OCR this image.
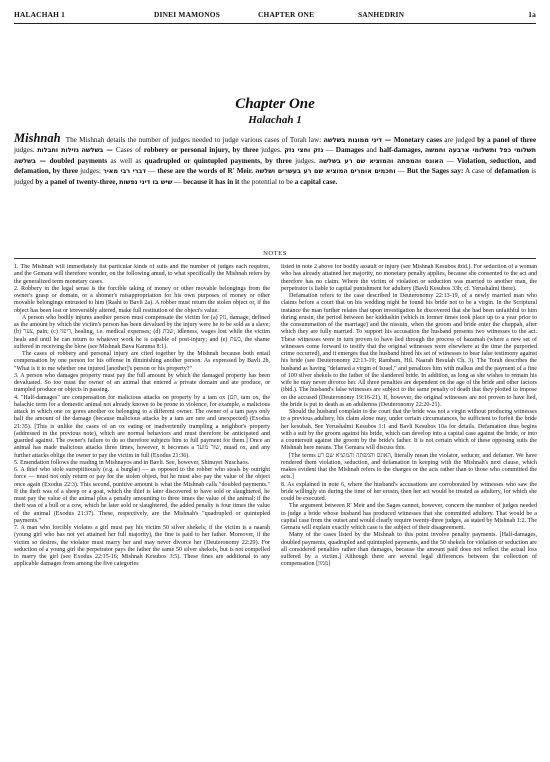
HALACHAH 1	DINEI MAMONOS	CHAPTER ONE	SANHEDRIN	1a
Chapter One
Halachah 1
Mishnah The Mishnah details the number of judges needed to judge various cases of Torah law: דיני ממונות בשלשה — Monetary cases are judged by a panel of three judges. גזילות וחבלות בשלשה — Cases of robbery or personal injury, by three judges. נזק וחצי נזק — Damages and half-damages, תשלומי כפל ותשלומי ארבעה וחמשה בשלשה — doubled payments as well as quadrupled or quintupled payments, by three judges. האונס והמפתה והמוציא שם רע בשלשה — Violation, seduction, and defamation, by three judges; דברי רבי מאיר — these are the words of R' Meir. וחכמים אומרים המוציא שם רע בעשרים ושלשה — But the Sages say: A case of defamation is judged by a panel of twenty-three, שיש בו דיני נפשות — because it has in it the potential to be a capital case.
NOTES

1. The Mishnah will immediately list particular kinds of suits and the number of judges each requires, and the Gemara will therefore wonder, on the following amud, to what specifically the Mishnah refers by the generalized term monetary cases.

2. Robbery in the legal sense is the forcible taking of money or other movable belongings from the owner's grasp or domain, or a shomer's misappropriation for his own purposes of money or other movable belongings entrusted to him (Rashi to Bavli 2a). A robber must return the stolen object or, if the object has been lost or irreversibly altered, make full restitution of the object's value.

A person who bodily injures another person must compensate the victim for (a) נזק, damage, defined as the amount by which the victim's person has been devalued by the injury were he to be sold as a slave; (b) צער, pain; (c) ריפוי, healing, i.e. medical expenses; (d) שבת, idleness, wages lost while the victim heals and until he can return to whatever work he is capable of post-injury; and (e) בשת, the shame suffered in receiving the blow (see Mishnah Bava Kamma 8:1).

The cases of robbery and personal injury are cited together by the Mishnah because both entail compensation by one person for his offense in diminishing another person. As expressed by Bavli 2b, "What is it to me whether one injured [another]'s person or his property?"

3. A person who damages property must pay the full amount by which the damaged property has been devaluated. So too must the owner of an animal that entered a private domain and ate produce, or trampled produce or objects in passing.

4. "Half-damages" are compensation for malicious attacks on property by a tam ox (תם, tam ox, the halachic term for a domestic animal not already known to be prone to violence, for example, a malicious attack in which one ox gores another ox belonging to a different owner. The owner of a tam pays only half the amount of the damage (because malicious attacks by a tam are rare and unexpected) (Exodus 21:35). [This is unlike the cases of an ox eating or inadvertently trampling a neighbor's property (addressed in the previous note), which are normal behaviors and must therefore be anticipated and guarded against. The owner's failure to do so therefore subjects him to full payment for them.] Once an animal has made malicious attacks three times, however, it becomes a שור מועד, muad ox, and any further attacks oblige the owner to pay the victim in full (Exodus 21:36).

5. Emendation follows the reading in Mishnayos and in Bavli. See, however, Shinuyei Nuschaos.

6. A thief who stole surreptitiously (e.g. a burglar) — as opposed to the robber who steals by outright force — must not only return or pay for the stolen object, but he must also pay the value of the object once again (Exodus 22:3). This second, punitive amount is what the Mishnah calls "doubled payments." If the theft was of a sheep or a goat, which the thief is later discovered to have sold or slaughtered, he must pay the value of the animal plus a penalty amounting to three times the value of the animal; if the theft was of a bull or a cow, which he later sold or slaughtered, the added penalty is four times the value of the animal (Exodus 21:37). These, respectively, are the Mishnah's "quadrupled or quintupled payments."

7. A man who forcibly violates a girl must pay his victim 50 silver shekels; if the victim is a naarah (young girl who has not yet attained her full majority), the fine is paid to her father. Moreover, if the victim so desires, the violator must marry her and may never divorce her (Deuteronomy 22:29). For seduction of a young girl the perpetrator pays the father the same 50 silver shekels, but is not compelled to marry the girl (see Exodus 22:15-16; Mishnah Kesubos 3:5). These fines are additional to any applicable damages from among the five categories

listed in note 2 above for bodily assault or injury (see Mishnah Kesubos ibid.). For seduction of a woman who has already attained her majority, no monetary penalty applies, because she consented to the act and therefore has no claim. Where the victim of violation or seduction was married to another man, the perpetrator is liable to capital punishment for adultery (Bavli Kesubos 33b; cf. Yerushalmi there).

Defamation refers to the case described in Deuteronomy 22:13-19, of a newly married man who claims before a court that on his wedding night he found his bride not to be a virgin. In the Scriptural instance the man further relates that upon investigation he discovered that she had been unfaithful to him during erusin, the period between her kiddushin (which in former times took place up to a year prior to the consummation of the marriage) and the nissuin, when the groom and bride enter the chuppah, after which they are fully married. To support his accusation the husband presents two witnesses to the act. These witnesses were in turn proven to have lied through the process of hazamah (where a new set of witnesses come forward to testify that the original witnesses were elsewhere at the time the purported crime occurred), and it emerges that the husband hired his set of witnesses to bear false testimony against his bride (see Deuteronomy 22:13-19; Rambam, Hil. Naarah Besulah Ch. 3). The Torah describes the husband as having "defamed a virgin of Israel," and penalizes him with malkus and the payment of a fine of 100 silver shekels to the father of the slandered bride. In addition, as long as she wishes to remain his wife he may never divorce her. All three penalties are dependent on the age of the bride and other factors (ibid.). The husband's false witnesses are subject to the same penalty of death that they plotted to impose on the accused (Deuteronomy 19:16-21). If, however, the original witnesses are not proven to have lied, the bride is put to death as an adulteress (Deuteronomy 22:20-21).

Should the husband complain to the court that the bride was not a virgin without producing witnesses to a previous adultery, his claim alone may, under certain circumstances, be sufficient to forfeit the bride her kesubah. See Yerushalmi Kesubos 1:1 and Bavli Kesubos 10a for details. Defamation thus begins with a suit by the groom against his bride, which can develop into a capital case against the bride, or into a countersuit against the groom by the bride's father. It is not certain which of these opposing suits the Mishnah here means. The Gemara will discuss this.

[The terms האונס והמפתה והמוציא שם רע, literally mean the violator, seducer, and defamer. We have rendered them violation, seduction, and defamation in keeping with the Mishnah's next clause, which makes evident that the Mishnah refers to the charges or the acts rather than to those who committed the acts.]

8. As explained in note 6, where the husband's accusations are corroborated by witnesses who saw the bride willingly sin during the time of her erusin, then her act would be treated as adultery, for which she could be executed.

The argument between R' Meir and the Sages cannot, however, concern the number of judges needed to judge a bride whose husband has produced witnesses that she committed adultery. That would be a capital case from the outset and would clearly require twenty-three judges, as stated by Mishnah 1:2. The Gemara will explain exactly which case is the subject of their disagreement.

Many of the cases listed by the Mishnah to this point involve penalty payments. [Half-damages, doubled payments, quadrupled and quintupled payments, and the 50 shekels for violation or seduction are all considered penalties rather than damages, because the amount paid does not reflect the actual loss suffered by a victim.] Although there are several legal differences between the collection of compensation [ממון]
